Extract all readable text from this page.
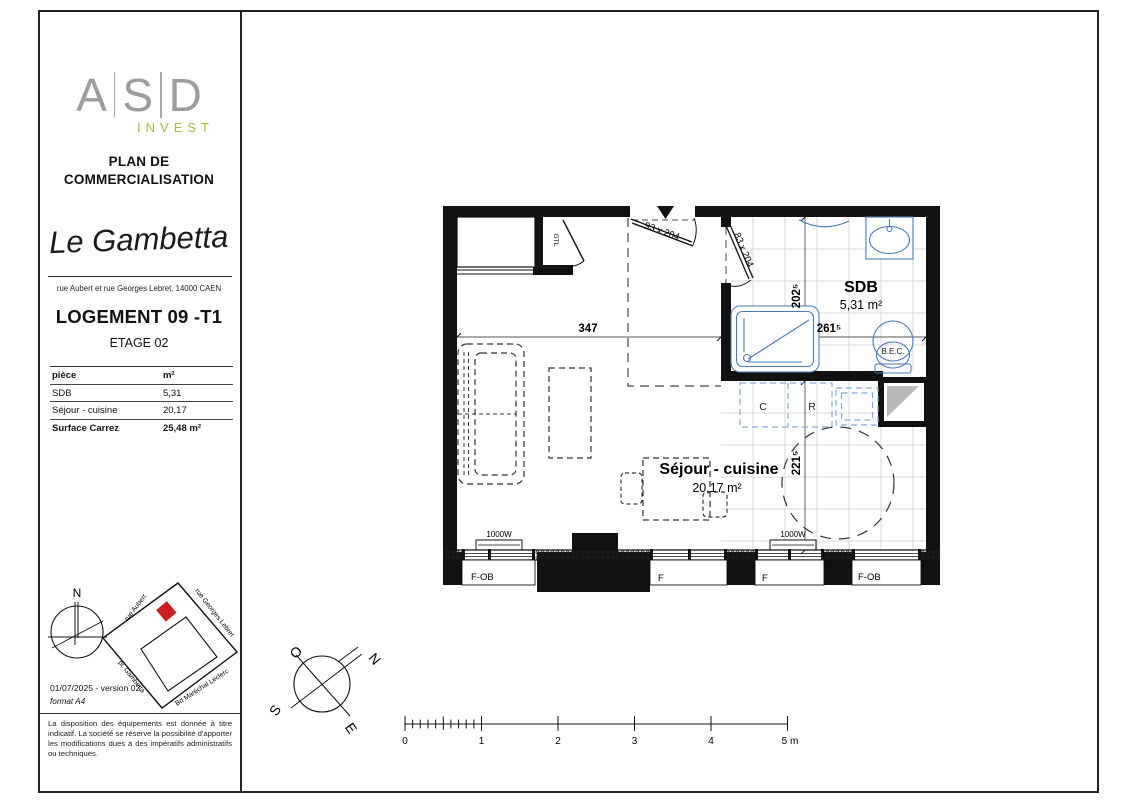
A S D
INVEST
PLAN DE
COMMERCIALISATION
rue Aubert et rue Georges Lebret, 14000 CAEN
LOGEMENT 09 -T1
ETAGE 02
pièce	m²
SDB	5,31
Séjour - cuisine	20,17
Surface Carrez	25,48 m²
01/07/2025 - version 02
format A4
La disposition des équipements est donnée à titre indicatif. La société se réserve la possibilité d'apporter les modifications dues à des impératifs administratifs ou techniques.
Le Gambetta	GTL	93 x 204	83 x 204
B.E.C.
C	R
1000W	1000W
F-OB	F	F	F-OB
347	261⁵
202⁵
221⁵
SDB
5,31 m²
Séjour - cuisine
20,17 m²
O	N
S
E
0	1	2	3	4	5 m
N
rue Aubert	rue Georges Lebret
pl. Gambetta	Bd Maréchal Leclerc
